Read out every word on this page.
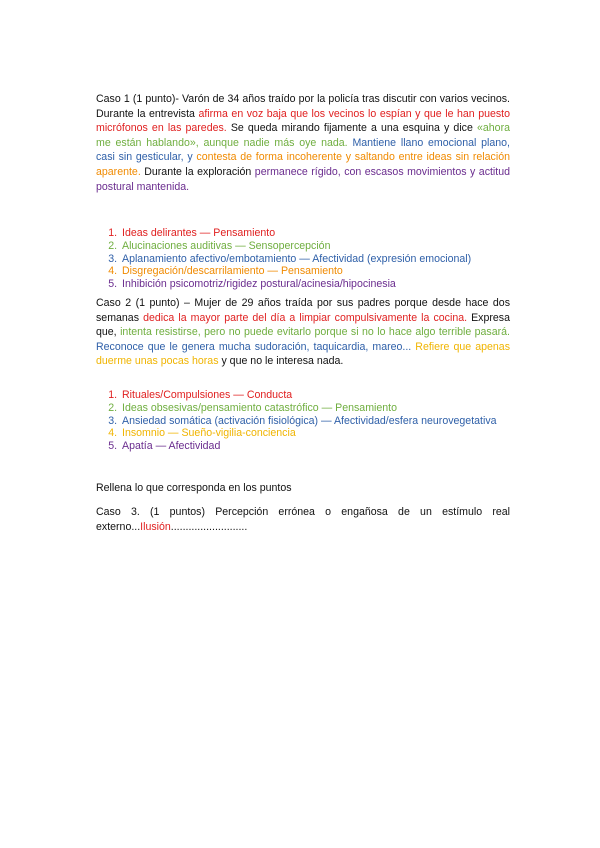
Caso 1 (1 punto)- Varón de 34 años traído por la policía tras discutir con varios vecinos. Durante la entrevista afirma en voz baja que los vecinos lo espían y que le han puesto micrófonos en las paredes. Se queda mirando fijamente a una esquina y dice «ahora me están hablando», aunque nadie más oye nada. Mantiene llano emocional plano, casi sin gesticular, y contesta de forma incoherente y saltando entre ideas sin relación aparente. Durante la exploración permanece rígido, con escasos movimientos y actitud postural mantenida.

1. Ideas delirantes — Pensamiento
2. Alucinaciones auditivas — Sensopercepción
3. Aplanamiento afectivo/embotamiento — Afectividad (expresión emocional)
4. Disgregación/descarrilamiento — Pensamiento
5. Inhibición psicomotriz/rigidez postural/acinesia/hipocinesia

Caso 2 (1 punto) – Mujer de 29 años traída por sus padres porque desde hace dos semanas dedica la mayor parte del día a limpiar compulsivamente la cocina. Expresa que, intenta resistirse, pero no puede evitarlo porque si no lo hace algo terrible pasará. Reconoce que le genera mucha sudoración, taquicardia, mareo... Refiere que apenas duerme unas pocas horas y que no le interesa nada.

1. Rituales/Compulsiones — Conducta
2. Ideas obsesivas/pensamiento catastrófico — Pensamiento
3. Ansiedad somática (activación fisiológica) — Afectividad/esfera neurovegetativa
4. Insomnio — Sueño-vigilia-conciencia
5. Apatía — Afectividad

Rellena lo que corresponda en los puntos

Caso 3. (1 puntos) Percepción errónea o engañosa de un estímulo real externo...Ilusión..........................
